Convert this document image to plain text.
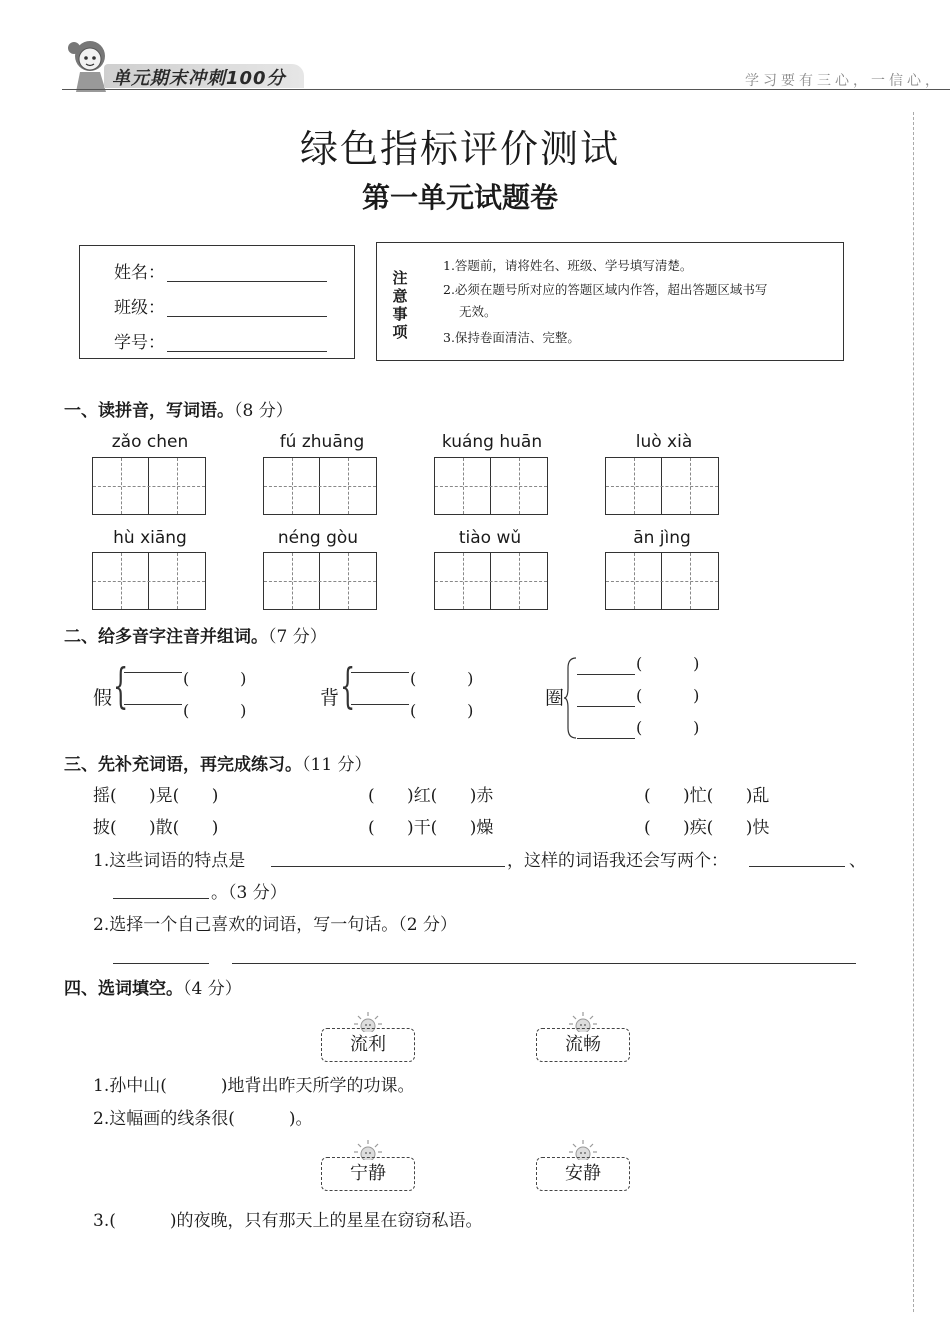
单元期末冲刺100分	学习要有三心，一信心，
绿色指标评价测试
第一单元试题卷
姓名：
班级：
学号：
注
意
事
项
1.答题前，请将姓名、班级、学号填写清楚。
2.必须在题号所对应的答题区域内作答，超出答题区域书写
无效。
3.保持卷面清洁、完整。
一、读拼音，写词语。（8 分）
zǎo chen	fú zhuāng	kuáng huān	luò xià
hù xiāng	néng gòu	tiào wǔ	ān jìng
二、给多音字注音并组词。（7 分）
假 {	(          )
(          )
背 {	(          )
(          )
圈
(          )
(          )
(          )
三、先补充词语，再完成练习。（11 分）
摇(      )晃(      )	(      )红(      )赤	(      )忙(      )乱
披(      )散(      )	(      )干(      )燥	(      )疾(      )快
1.这些词语的特点是	，这样的词语我还会写两个：	、
。（3 分）
2.选择一个自己喜欢的词语，写一句话。（2 分）
四、选词填空。（4 分）
流利	流畅
1.孙中山(          )地背出昨天所学的功课。
2.这幅画的线条很(          )。
宁静	安静
3.(          )的夜晚，只有那天上的星星在窃窃私语。
